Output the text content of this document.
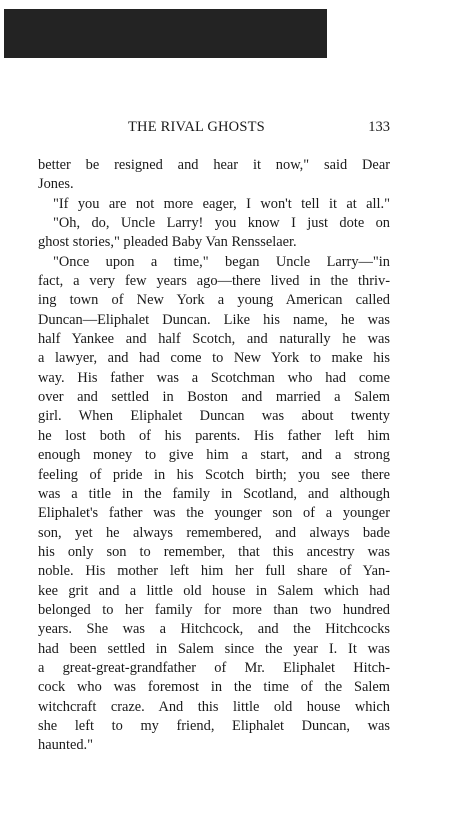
THE RIVAL GHOSTS	133
better be resigned and hear it now," said Dear
Jones.
"If you are not more eager, I won't tell it at all."
"Oh, do, Uncle Larry! you know I just dote on
ghost stories," pleaded Baby Van Rensselaer.
"Once upon a time," began Uncle Larry—"in
fact, a very few years ago—there lived in the thriv-
ing town of New York a young American called
Duncan—Eliphalet Duncan. Like his name, he was
half Yankee and half Scotch, and naturally he was
a lawyer, and had come to New York to make his
way. His father was a Scotchman who had come
over and settled in Boston and married a Salem
girl. When Eliphalet Duncan was about twenty
he lost both of his parents. His father left him
enough money to give him a start, and a strong
feeling of pride in his Scotch birth; you see there
was a title in the family in Scotland, and although
Eliphalet's father was the younger son of a younger
son, yet he always remembered, and always bade
his only son to remember, that this ancestry was
noble. His mother left him her full share of Yan-
kee grit and a little old house in Salem which had
belonged to her family for more than two hundred
years. She was a Hitchcock, and the Hitchcocks
had been settled in Salem since the year I. It was
a great-great-grandfather of Mr. Eliphalet Hitch-
cock who was foremost in the time of the Salem
witchcraft craze. And this little old house which
she left to my friend, Eliphalet Duncan, was
haunted."
